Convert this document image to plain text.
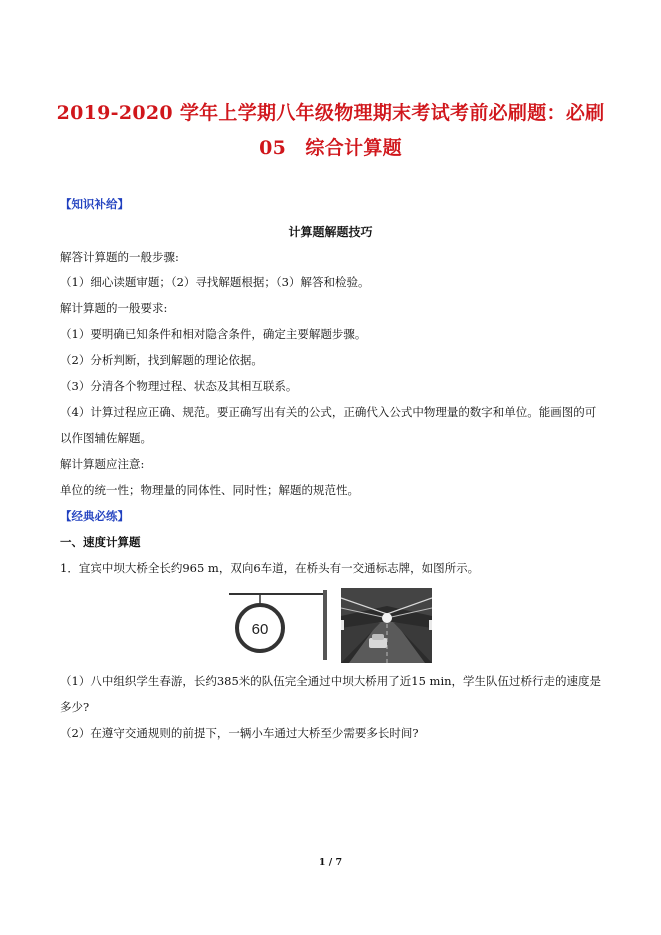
2019-2020 学年上学期八年级物理期末考试考前必刷题：必刷
05　综合计算题
【知识补给】
计算题解题技巧
解答计算题的一般步骤:
（1）细心读题审题；（2）寻找解题根据；（3）解答和检验。
解计算题的一般要求:
（1）要明确已知条件和相对隐含条件，确定主要解题步骤。
（2）分析判断，找到解题的理论依据。
（3）分清各个物理过程、状态及其相互联系。
（4）计算过程应正确、规范。要正确写出有关的公式，正确代入公式中物理量的数字和单位。能画图的可
以作图辅佐解题。
解计算题应注意:
单位的统一性；物理量的同体性、同时性；解题的规范性。
【经典必练】
一、速度计算题
1．宜宾中坝大桥全长约965 m，双向6车道，在桥头有一交通标志牌，如图所示。
60
（1）八中组织学生春游，长约385米的队伍完全通过中坝大桥用了近15 min，学生队伍过桥行走的速度是
多少?
（2）在遵守交通规则的前提下，一辆小车通过大桥至少需要多长时间?
1 / 7
